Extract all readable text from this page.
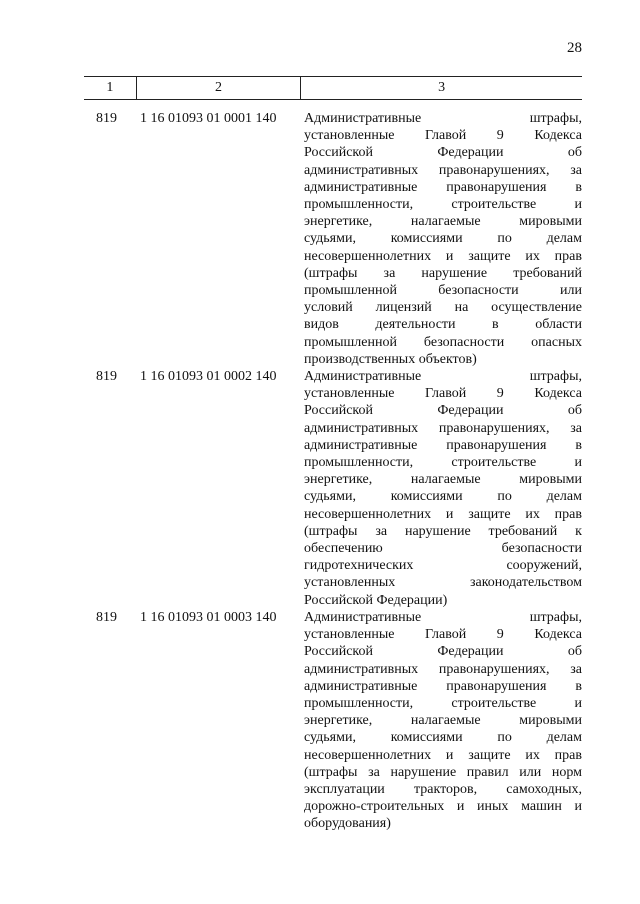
28
1	2	3
819	1 16 01093 01 0001 140	Административные штрафы,
установленные Главой 9 Кодекса
Российской Федерации об
административных правонарушениях, за
административные правонарушения в
промышленности, строительстве и
энергетике, налагаемые мировыми
судьями, комиссиями по делам
несовершеннолетних и защите их прав
(штрафы за нарушение требований
промышленной безопасности или
условий лицензий на осуществление
видов деятельности в области
промышленной безопасности опасных
производственных объектов)
819	1 16 01093 01 0002 140	Административные штрафы,
установленные Главой 9 Кодекса
Российской Федерации об
административных правонарушениях, за
административные правонарушения в
промышленности, строительстве и
энергетике, налагаемые мировыми
судьями, комиссиями по делам
несовершеннолетних и защите их прав
(штрафы за нарушение требований к
обеспечению безопасности
гидротехнических сооружений,
установленных законодательством
Российской Федерации)
819	1 16 01093 01 0003 140	Административные штрафы,
установленные Главой 9 Кодекса
Российской Федерации об
административных правонарушениях, за
административные правонарушения в
промышленности, строительстве и
энергетике, налагаемые мировыми
судьями, комиссиями по делам
несовершеннолетних и защите их прав
(штрафы за нарушение правил или норм
эксплуатации тракторов, самоходных,
дорожно-строительных и иных машин и
оборудования)
